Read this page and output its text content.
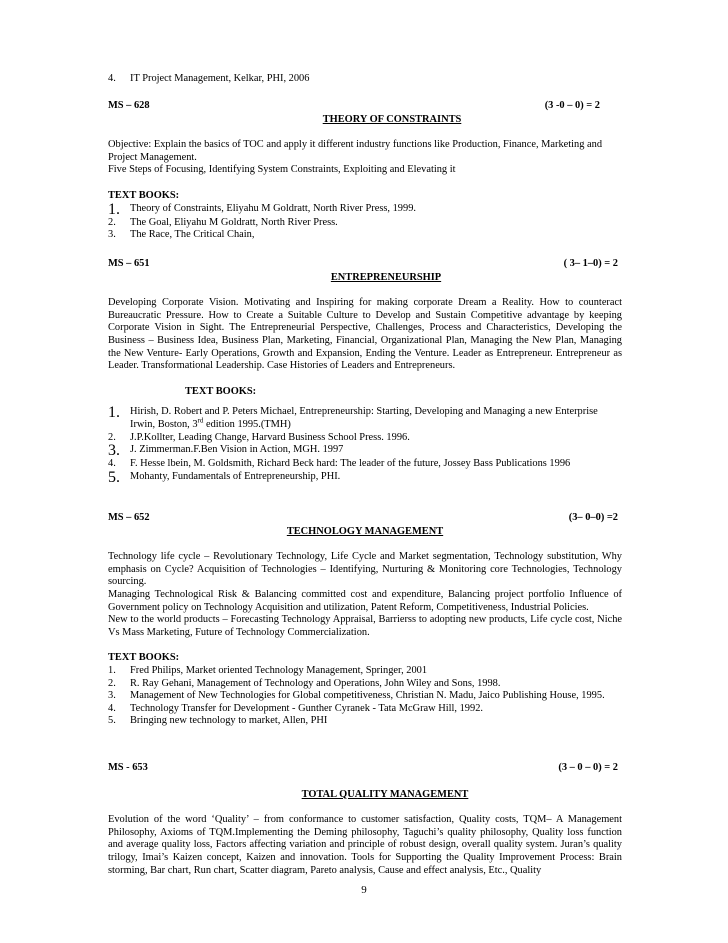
4.	IT Project Management, Kelkar, PHI, 2006
MS – 628	(3 -0 – 0) = 2
THEORY OF CONSTRAINTS

Objective: Explain the basics of TOC and apply it different industry functions like Production, Finance, Marketing and Project Management.

Five Steps of Focusing, Identifying System Constraints, Exploiting and Elevating it

TEXT BOOKS:
1. Theory of Constraints, Eliyahu M Goldratt, North River Press, 1999.
2.	The Goal, Eliyahu M Goldratt, North River Press.
3.	The Race, The Critical Chain,
MS – 651	( 3– 1–0) = 2
ENTREPRENEURSHIP

Developing Corporate Vision. Motivating and Inspiring for making corporate Dream a Reality. How to counteract Bureaucratic Pressure. How to Create a Suitable Culture to Develop and Sustain Competitive advantage by keeping Corporate Vision in Sight. The Entrepreneurial Perspective, Challenges, Process and Characteristics, Developing the Business – Business Idea, Business Plan, Marketing, Financial, Organizational Plan, Managing the New Plan, Managing the New Venture- Early Operations, Growth and Expansion, Ending the Venture. Leader as Entrepreneur. Entrepreneur as Leader. Transformational Leadership. Case Histories of Leaders and Entrepreneurs.

TEXT BOOKS:
1. Hirish, D. Robert and P. Peters Michael, Entrepreneurship: Starting, Developing and Managing a new Enterprise Irwin, Boston, 3rd edition 1995.(TMH)
2.	J.P.Kollter, Leading Change, Harvard Business School Press. 1996.
3. J. Zimmerman.F.Ben Vision in Action, MGH. 1997
4.	F. Hesse lbein, M. Goldsmith, Richard Beck hard: The leader of the future, Jossey Bass Publications 1996
5. Mohanty, Fundamentals of Entrepreneurship, PHI.
MS – 652	(3– 0–0) =2
TECHNOLOGY MANAGEMENT

Technology life cycle – Revolutionary Technology, Life Cycle and Market segmentation, Technology substitution, Why emphasis on Cycle? Acquisition of Technologies – Identifying, Nurturing & Monitoring core Technologies, Technology sourcing.

Managing Technological Risk & Balancing committed cost and expenditure, Balancing project portfolio Influence of Government policy on Technology Acquisition and utilization, Patent Reform, Competitiveness, Industrial Policies.

New to the world products – Forecasting Technology Appraisal, Barrierss to adopting new products, Life cycle cost, Niche Vs Mass Marketing, Future of Technology Commercialization.

TEXT BOOKS:
1.	Fred Philips, Market oriented Technology Management, Springer, 2001
2.	R. Ray Gehani, Management of Technology and Operations, John Wiley and Sons, 1998.
3.	Management of New Technologies for Global competitiveness, Christian N. Madu, Jaico Publishing House, 1995.
4.	Technology Transfer for Development - Gunther Cyranek - Tata McGraw Hill, 1992.
5.	Bringing new technology to market, Allen, PHI
MS - 653	(3 – 0 – 0) = 2
TOTAL QUALITY MANAGEMENT

Evolution of the word ‘Quality’ – from conformance to customer satisfaction, Quality costs, TQM– A Management Philosophy, Axioms of TQM.Implementing the Deming philosophy, Taguchi’s quality philosophy, Quality loss function and average quality loss, Factors affecting variation and principle of robust design, overall quality system. Juran’s quality trilogy, Imai’s Kaizen concept, Kaizen and innovation. Tools for Supporting the Quality Improvement Process: Brain storming, Bar chart, Run chart, Scatter diagram, Pareto analysis, Cause and effect analysis, Etc., Quality

9
